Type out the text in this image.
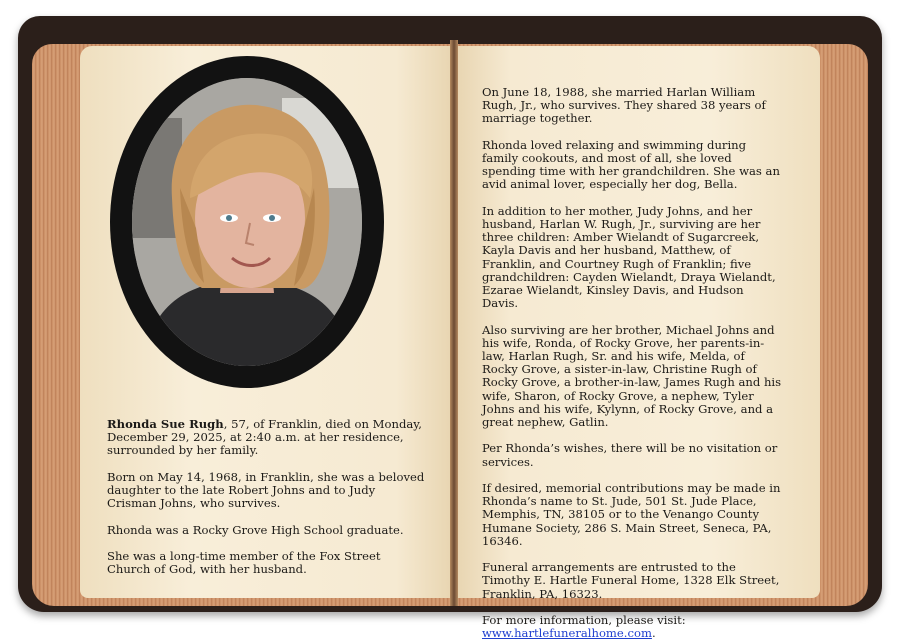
Rhonda Sue Rugh, 57, of Franklin, died on Monday, December 29, 2025, at 2:40 a.m. at her residence, surrounded by her family.

Born on May 14, 1968, in Franklin, she was a beloved daughter to the late Robert Johns and to Judy Crisman Johns, who survives.

Rhonda was a Rocky Grove High School graduate.

She was a long-time member of the Fox Street Church of God, with her husband.

On June 18, 1988, she married Harlan William Rugh, Jr., who survives. They shared 38 years of marriage together.

Rhonda loved relaxing and swimming during family cookouts, and most of all, she loved spending time with her grandchildren. She was an avid animal lover, especially her dog, Bella.

In addition to her mother, Judy Johns, and her husband, Harlan W. Rugh, Jr., surviving are her three children: Amber Wielandt of Sugarcreek, Kayla Davis and her husband, Matthew, of Franklin, and Courtney Rugh of Franklin; five grandchildren: Cayden Wielandt, Draya Wielandt, Ezarae Wielandt, Kinsley Davis, and Hudson Davis.

Also surviving are her brother, Michael Johns and his wife, Ronda, of Rocky Grove, her parents-in-law, Harlan Rugh, Sr. and his wife, Melda, of Rocky Grove, a sister-in-law, Christine Rugh of Rocky Grove, a brother-in-law, James Rugh and his wife, Sharon, of Rocky Grove, a nephew, Tyler Johns and his wife, Kylynn, of Rocky Grove, and a great nephew, Gatlin.

Per Rhonda’s wishes, there will be no visitation or services.

If desired, memorial contributions may be made in Rhonda’s name to St. Jude, 501 St. Jude Place, Memphis, TN, 38105 or to the Venango County Humane Society, 286 S. Main Street, Seneca, PA, 16346.

Funeral arrangements are entrusted to the Timothy E. Hartle Funeral Home, 1328 Elk Street, Franklin, PA, 16323.

For more information, please visit:
www.hartlefuneralhome.com.
